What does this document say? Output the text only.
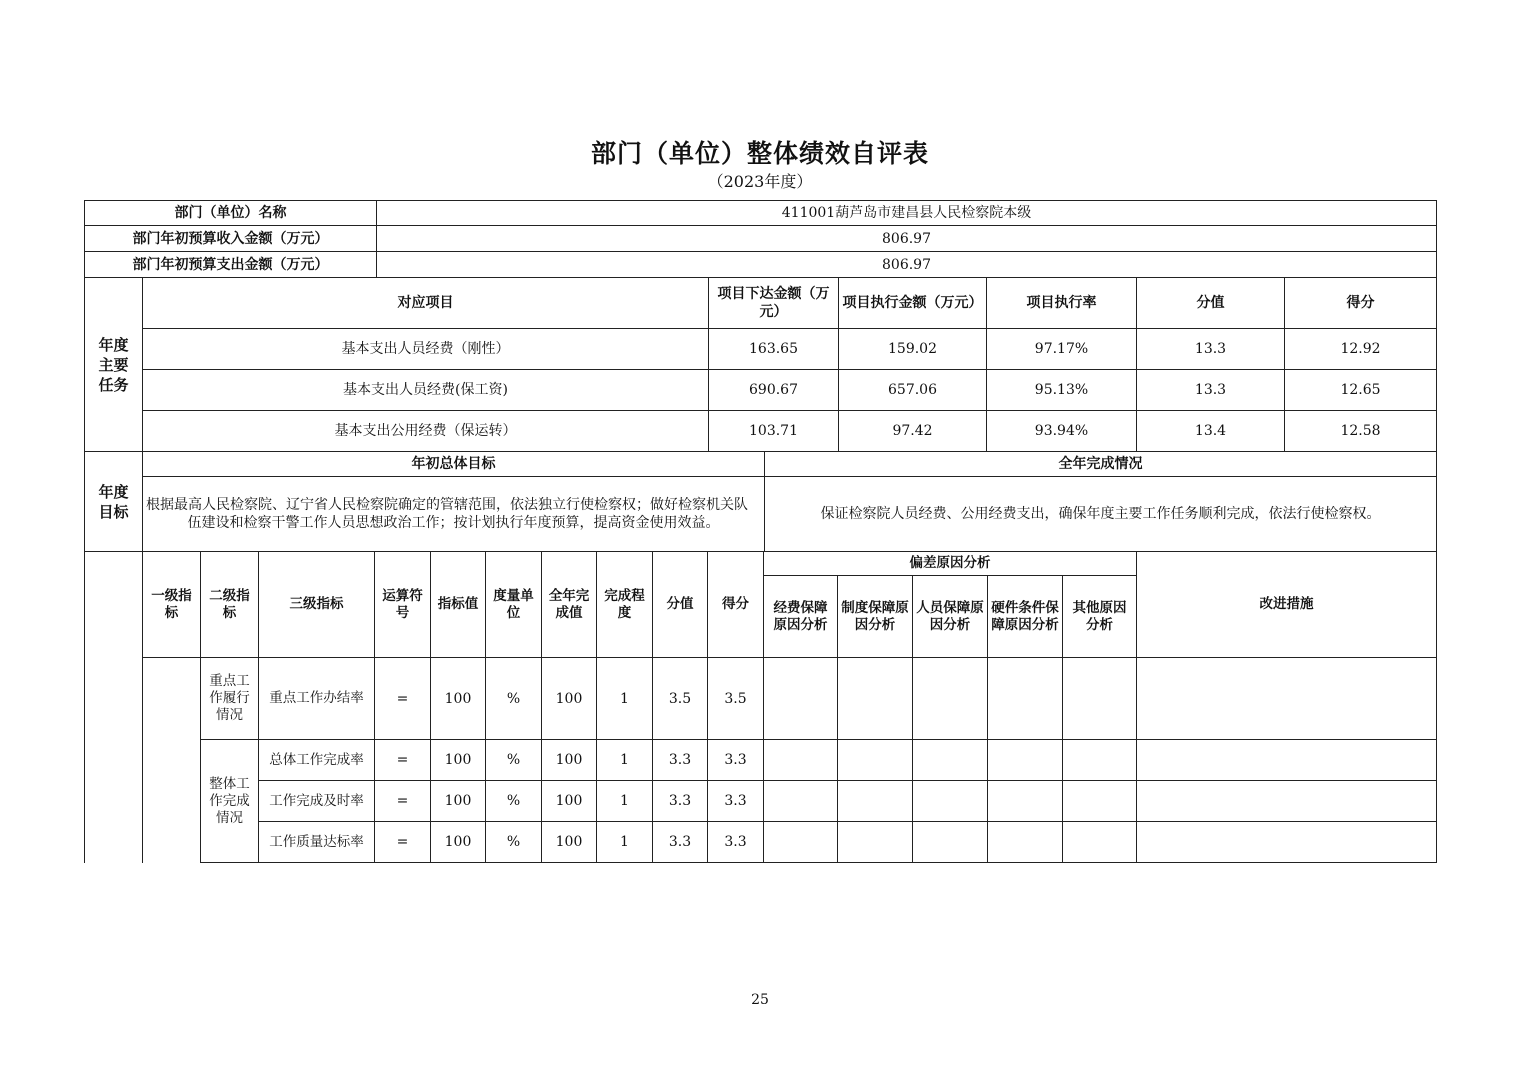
部门（单位）整体绩效自评表
（2023年度）
部门（单位）名称	411001葫芦岛市建昌县人民检察院本级
部门年初预算收入金额（万元）	806.97
部门年初预算支出金额（万元）	806.97
年度主要任务	对应项目	项目下达金额（万元）	项目执行金额（万元）	项目执行率	分值	得分
	基本支出人员经费（刚性）	163.65	159.02	97.17%	13.3	12.92
	基本支出人员经费(保工资)	690.67	657.06	95.13%	13.3	12.65
	基本支出公用经费（保运转）	103.71	97.42	93.94%	13.4	12.58
年度目标	年初总体目标	全年完成情况
	根据最高人民检察院、辽宁省人民检察院确定的管辖范围，依法独立行使检察权；做好检察机关队伍建设和检察干警工作人员思想政治工作；按计划执行年度预算，提高资金使用效益。	保证检察院人员经费、公用经费支出，确保年度主要工作任务顺利完成，依法行使检察权。
	一级指标	二级指标	三级指标	运算符号	指标值	度量单位	全年完成值	完成程度	分值	得分	偏差原因分析					改进措施
											经费保障原因分析	制度保障原因分析	人员保障原因分析	硬件条件保障原因分析	其他原因分析	
		重点工作履行情况	重点工作办结率	=	100	%	100	1	3.5	3.5						
		整体工作完成情况	总体工作完成率	=	100	%	100	1	3.3	3.3						
			工作完成及时率	=	100	%	100	1	3.3	3.3						
			工作质量达标率	=	100	%	100	1	3.3	3.3						
25
